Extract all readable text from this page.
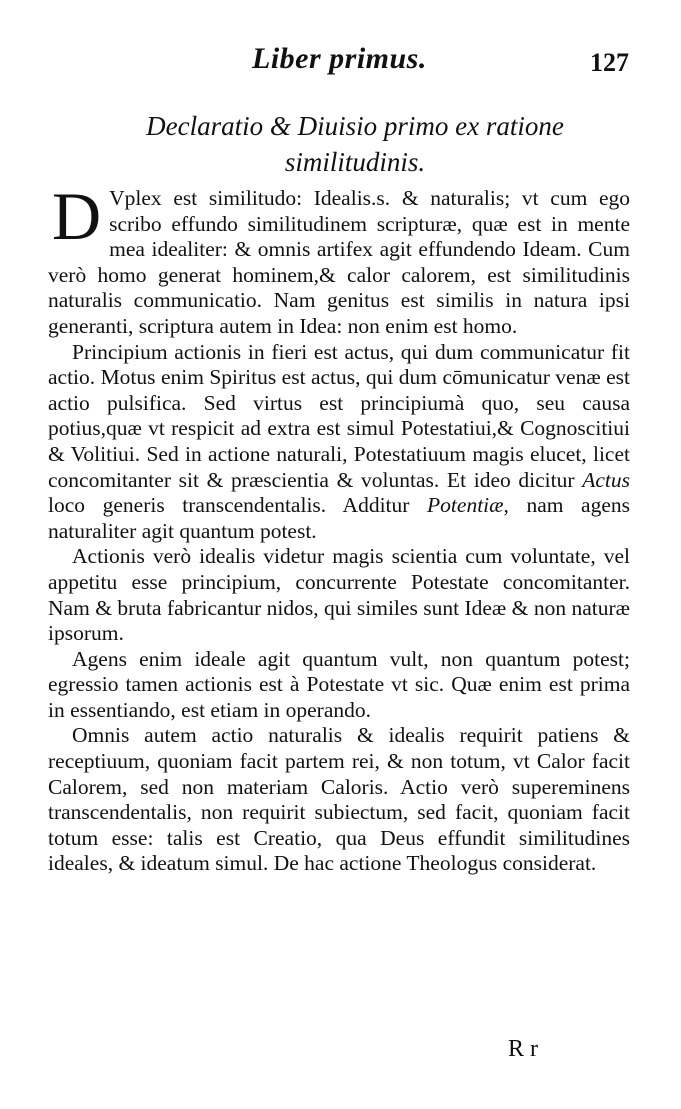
Liber primus.	127
Declaratio & Diuisio primo ex ratione
similitudinis.

D Vplex est similitudo: Idealis.s. & naturalis; vt cum ego scribo effundo similitudinem scripturæ, quæ est in mente mea idealiter: & omnis artifex agit effundendo Ideam. Cum verò homo generat hominem,& calor calorem, est similitudinis naturalis communicatio. Nam genitus est similis in natura ipsi generanti, scriptura autem in Idea: non enim est homo.

Principium actionis in fieri est actus, qui dum communicatur fit actio. Motus enim Spiritus est actus, qui dum cōmunicatur venæ est actio pulsifica. Sed virtus est principiumà quo, seu causa potius,quæ vt respicit ad extra est simul Potestatiui,& Cognoscitiui & Volitiui. Sed in actione naturali, Potestatiuum magis elucet, licet concomitanter sit & præscientia & voluntas. Et ideo dicitur Actus loco generis transcendentalis. Additur Potentiæ, nam agens naturaliter agit quantum potest.

Actionis verò idealis videtur magis scientia cum voluntate, vel appetitu esse principium, concurrente Potestate concomitanter. Nam & bruta fabricantur nidos, qui similes sunt Ideæ & non naturæ ipsorum.

Agens enim ideale agit quantum vult, non quantum potest; egressio tamen actionis est à Potestate vt sic. Quæ enim est prima in essentiando, est etiam in operando.

Omnis autem actio naturalis & idealis requirit patiens & receptiuum, quoniam facit partem rei, & non totum, vt Calor facit Calorem, sed non materiam Caloris. Actio verò supereminens transcendentalis, non requirit subiectum, sed facit, quoniam facit totum esse: talis est Creatio, qua Deus effundit similitudines ideales, & ideatum simul. De hac actione Theologus considerat.

Rr
